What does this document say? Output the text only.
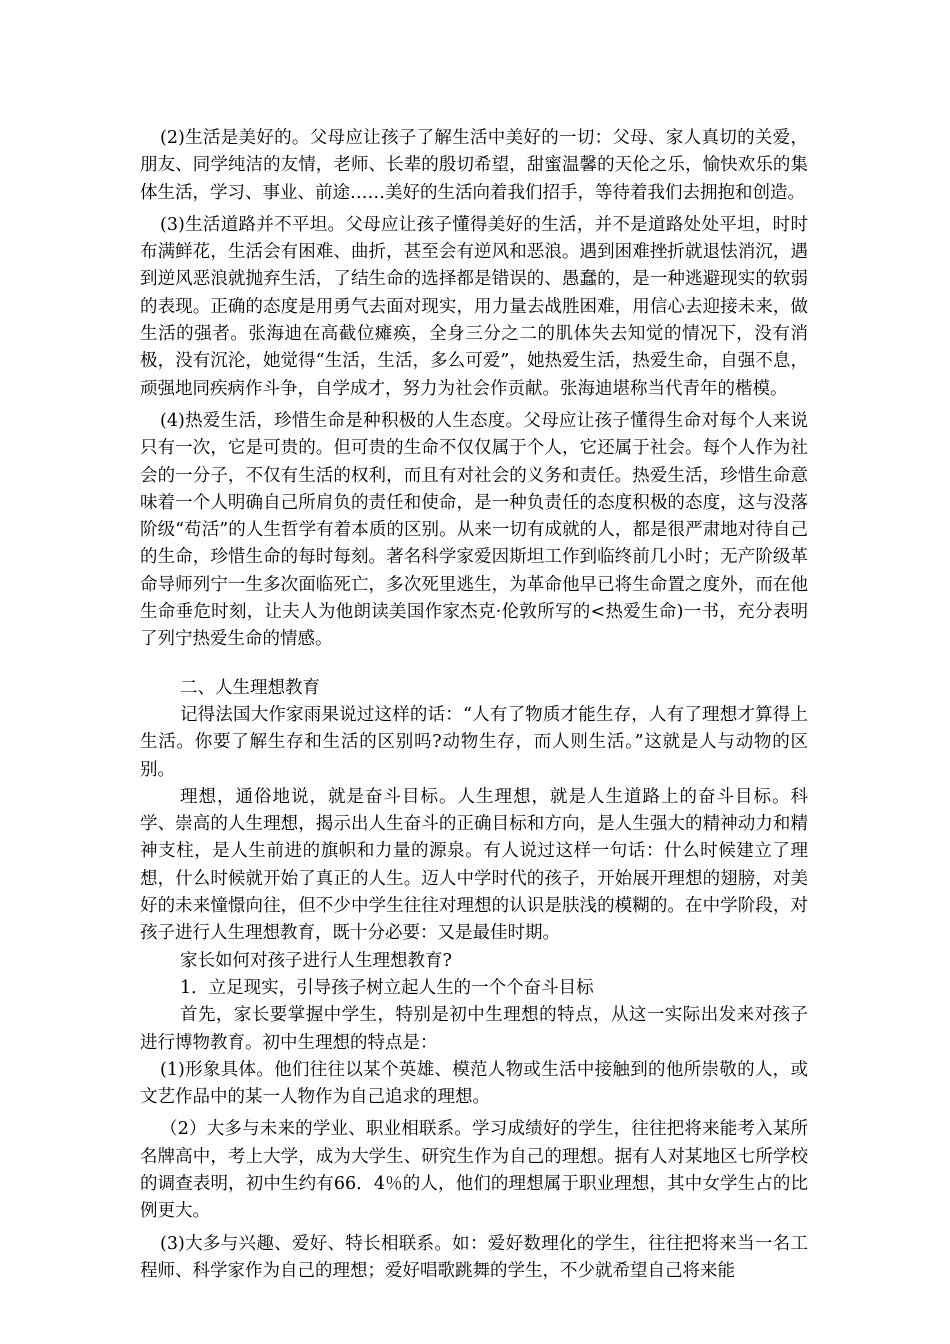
(2)生活是美好的。父母应让孩子了解生活中美好的一切：父母、家人真切的关爱，朋友、同学纯洁的友情，老师、长辈的殷切希望，甜蜜温馨的天伦之乐，愉快欢乐的集体生活，学习、事业、前途……美好的生活向着我们招手，等待着我们去拥抱和创造。

(3)生活道路并不平坦。父母应让孩子懂得美好的生活，并不是道路处处平坦，时时布满鲜花，生活会有困难、曲折，甚至会有逆风和恶浪。遇到困难挫折就退怯消沉，遇到逆风恶浪就抛弃生活，了结生命的选择都是错误的、愚蠢的，是一种逃避现实的软弱的表现。正确的态度是用勇气去面对现实，用力量去战胜困难，用信心去迎接未来，做生活的强者。张海迪在高截位瘫痪，全身三分之二的肌体失去知觉的情况下，没有消极，没有沉沦，她觉得“生活，生活，多么可爱”，她热爱生活，热爱生命，自强不息，顽强地同疾病作斗争，自学成才，努力为社会作贡献。张海迪堪称当代青年的楷模。

(4)热爱生活，珍惜生命是种积极的人生态度。父母应让孩子懂得生命对每个人来说只有一次，它是可贵的。但可贵的生命不仅仅属于个人，它还属于社会。每个人作为社会的一分子，不仅有生活的权利，而且有对社会的义务和责任。热爱生活，珍惜生命意味着一个人明确自己所肩负的责任和使命，是一种负责任的态度积极的态度，这与没落阶级“苟活”的人生哲学有着本质的区别。从来一切有成就的人，都是很严肃地对待自己的生命，珍惜生命的每时每刻。著名科学家爱因斯坦工作到临终前几小时；无产阶级革命导师列宁一生多次面临死亡，多次死里逃生，为革命他早已将生命置之度外，而在他生命垂危时刻，让夫人为他朗读美国作家杰克·伦敦所写的<热爱生命)一书，充分表明了列宁热爱生命的情感。

二、人生理想教育

记得法国大作家雨果说过这样的话：“人有了物质才能生存，人有了理想才算得上生活。你要了解生存和生活的区别吗?动物生存，而人则生活。”这就是人与动物的区别。

理想，通俗地说，就是奋斗目标。人生理想，就是人生道路上的奋斗目标。科学、崇高的人生理想，揭示出人生奋斗的正确目标和方向，是人生强大的精神动力和精神支柱，是人生前进的旗帜和力量的源泉。有人说过这样一句话：什么时候建立了理想，什么时候就开始了真正的人生。迈人中学时代的孩子，开始展开理想的翅膀，对美好的未来憧憬向往，但不少中学生往往对理想的认识是肤浅的模糊的。在中学阶段，对孩子进行人生理想教育，既十分必要：又是最佳时期。

家长如何对孩子进行人生理想教育?

1．立足现实，引导孩子树立起人生的一个个奋斗目标

首先，家长要掌握中学生，特别是初中生理想的特点，从这一实际出发来对孩子进行博物教育。初中生理想的特点是：

(1)形象具体。他们往往以某个英雄、模范人物或生活中接触到的他所崇敬的人，或文艺作品中的某一人物作为自己追求的理想。

（2）大多与未来的学业、职业相联系。学习成绩好的学生，往往把将来能考入某所名牌高中，考上大学，成为大学生、研究生作为自己的理想。据有人对某地区七所学校的调查表明，初中生约有66．4％的人，他们的理想属于职业理想，其中女学生占的比例更大。

(3)大多与兴趣、爱好、特长相联系。如：爱好数理化的学生，往往把将来当一名工程师、科学家作为自己的理想；爱好唱歌跳舞的学生，不少就希望自己将来能
